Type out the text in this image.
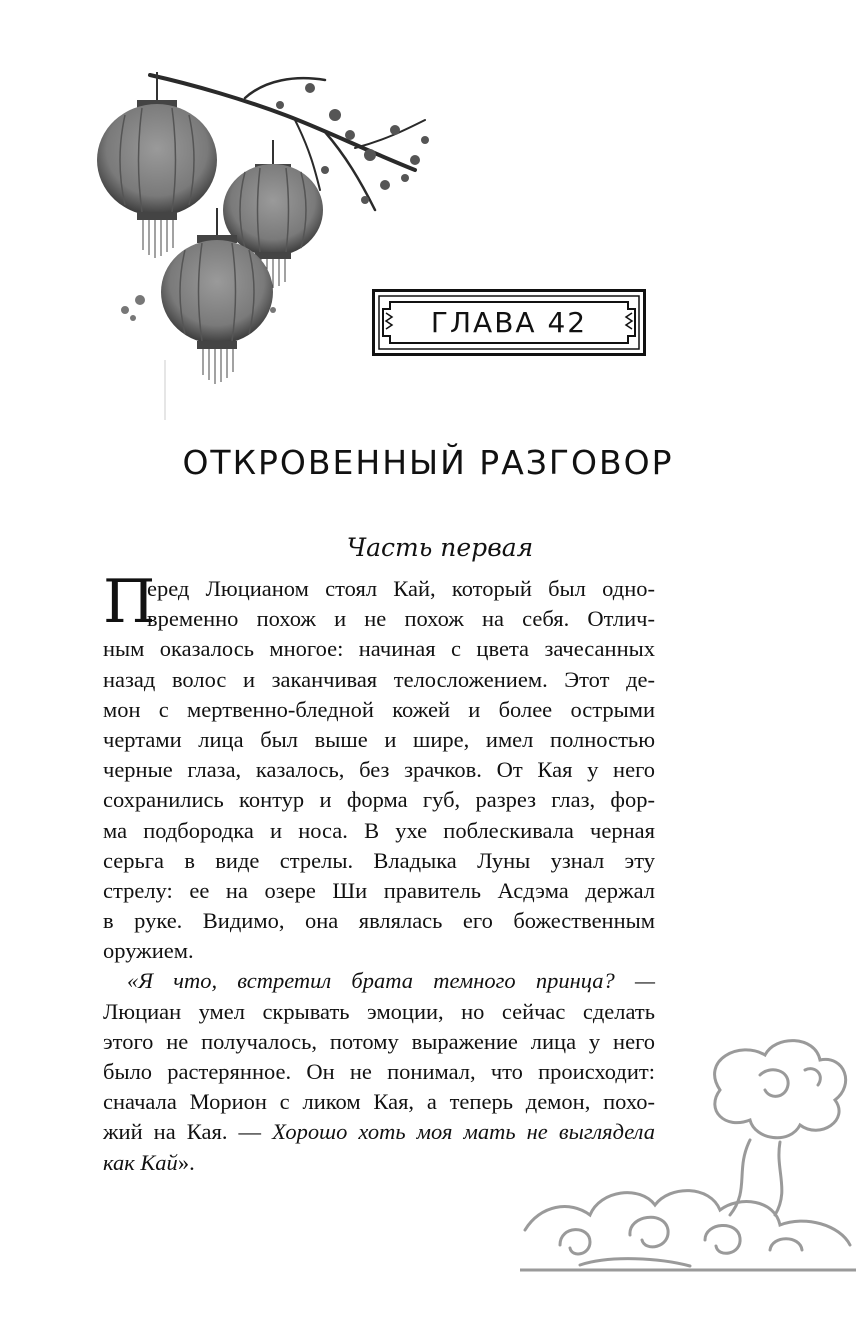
ГЛАВА 42
ОТКРОВЕННЫЙ РАЗГОВОР
Часть первая
П
еред Люцианом стоял Кай, который был одно-
временно похож и не похож на себя. Отлич-
ным оказалось многое: начиная с цвета зачесанных
назад волос и заканчивая телосложением. Этот де-
мон с мертвенно-бледной кожей и более острыми
чертами лица был выше и шире, имел полностью
черные глаза, казалось, без зрачков. От Кая у него
сохранились контур и форма губ, разрез глаз, фор-
ма подбородка и носа. В ухе поблескивала черная
серьга в виде стрелы. Владыка Луны узнал эту
стрелу: ее на озере Ши правитель Асдэма держал
в руке. Видимо, она являлась его божественным
оружием.
«Я что, встретил брата темного принца? —
Люциан умел скрывать эмоции, но сейчас сделать
этого не получалось, потому выражение лица у него
было растерянное. Он не понимал, что происходит:
сначала Морион с ликом Кая, а теперь демон, похо-
жий на Кая. — Хорошо хоть моя мать не выглядела
как Кай».
